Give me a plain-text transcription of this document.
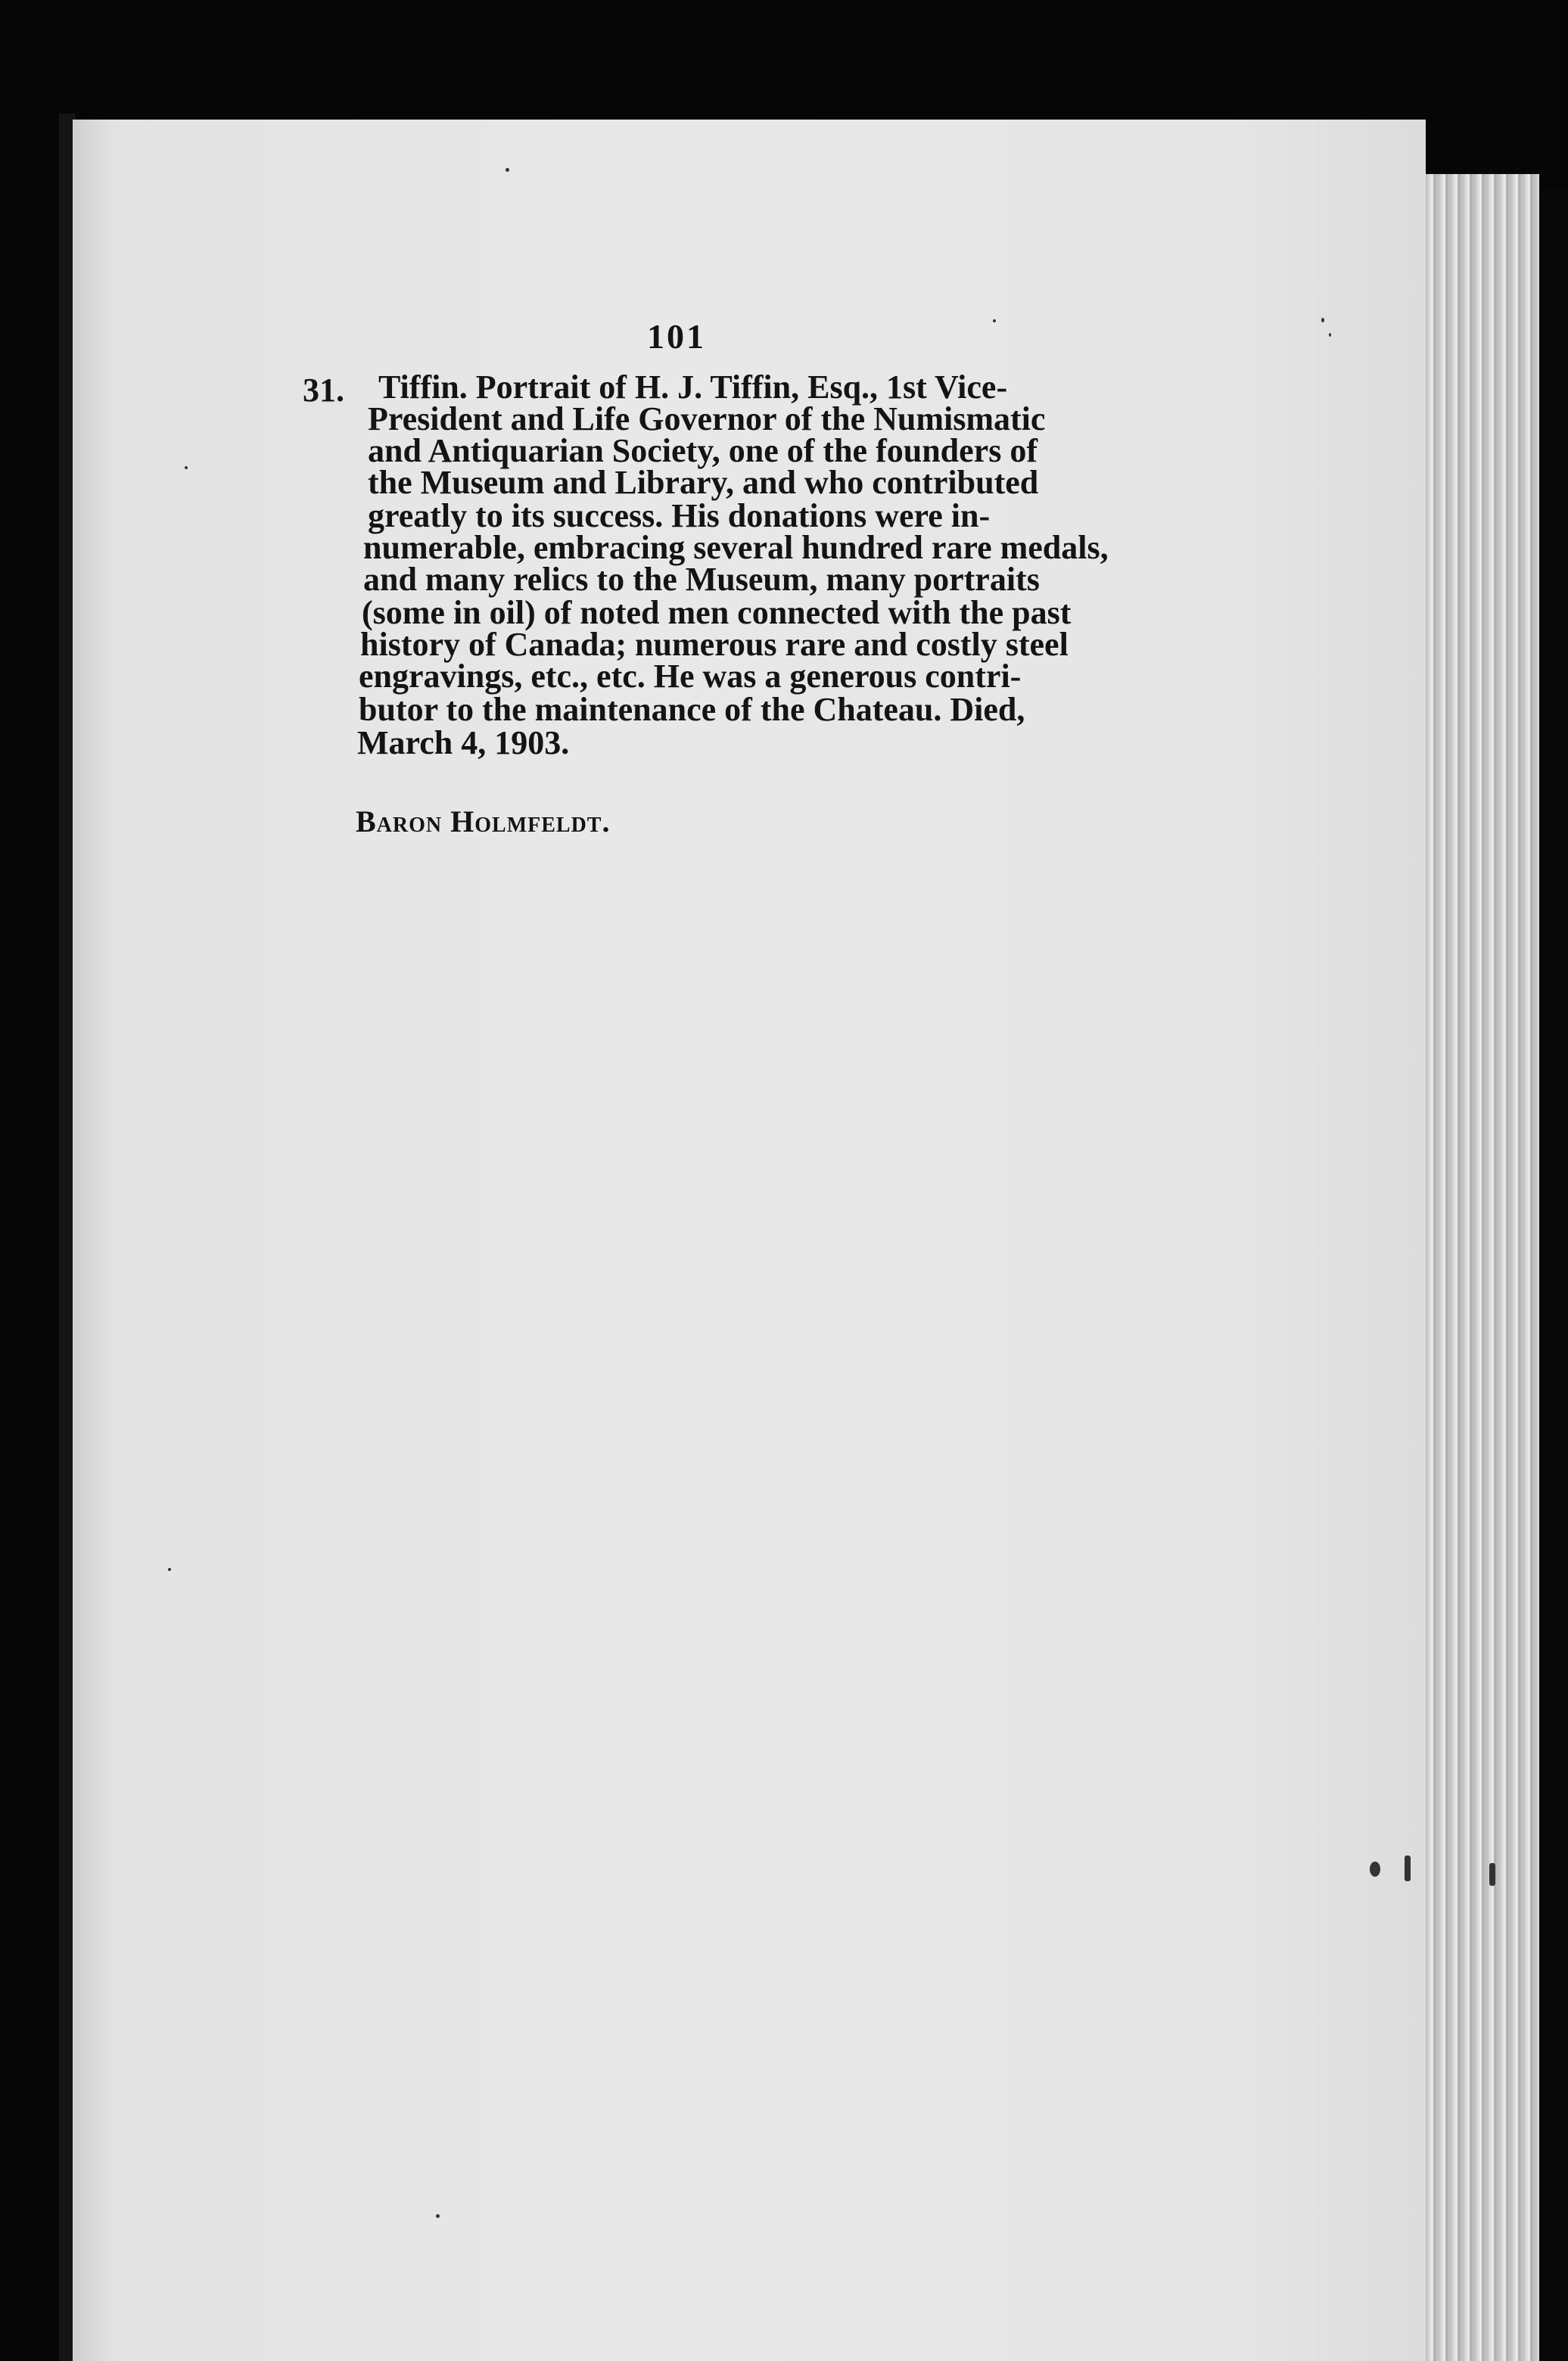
101
31. Tiffin. Portrait of H. J. Tiffin, Esq., 1st Vice-
President and Life Governor of the Numismatic
and Antiquarian Society, one of the founders of
the Museum and Library, and who contributed
greatly to its success. His donations were in-
numerable, embracing several hundred rare medals,
and many relics to the Museum, many portraits
(some in oil) of noted men connected with the past
history of Canada; numerous rare and costly steel
engravings, etc., etc. He was a generous contri-
butor to the maintenance of the Chateau. Died,
March 4, 1903.
Baron Holmfeldt.
